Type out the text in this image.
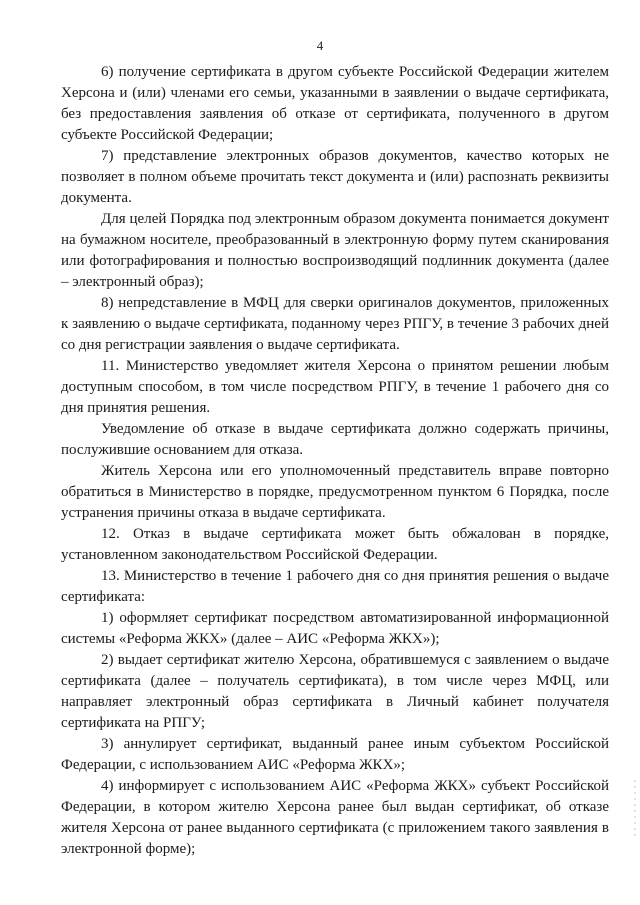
4

6) получение сертификата в другом субъекте Российской Федерации жителем Херсона и (или) членами его семьи, указанными в заявлении о выдаче сертификата, без предоставления заявления об отказе от сертификата, полученного в другом субъекте Российской Федерации;

7) представление электронных образов документов, качество которых не позволяет в полном объеме прочитать текст документа и (или) распознать реквизиты документа.

Для целей Порядка под электронным образом документа понимается документ на бумажном носителе, преобразованный в электронную форму путем сканирования или фотографирования и полностью воспроизводящий подлинник документа (далее – электронный образ);

8) непредставление в МФЦ для сверки оригиналов документов, приложенных к заявлению о выдаче сертификата, поданному через РПГУ, в течение 3 рабочих дней со дня регистрации заявления о выдаче сертификата.

11. Министерство уведомляет жителя Херсона о принятом решении любым доступным способом, в том числе посредством РПГУ, в течение 1 рабочего дня со дня принятия решения.

Уведомление об отказе в выдаче сертификата должно содержать причины, послужившие основанием для отказа.

Житель Херсона или его уполномоченный представитель вправе повторно обратиться в Министерство в порядке, предусмотренном пунктом 6 Порядка, после устранения причины отказа в выдаче сертификата.

12. Отказ в выдаче сертификата может быть обжалован в порядке, установленном законодательством Российской Федерации.

13. Министерство в течение 1 рабочего дня со дня принятия решения о выдаче сертификата:

1) оформляет сертификат посредством автоматизированной информационной системы «Реформа ЖКХ» (далее – АИС «Реформа ЖКХ»);

2) выдает сертификат жителю Херсона, обратившемуся с заявлением о выдаче сертификата (далее – получатель сертификата), в том числе через МФЦ, или направляет электронный образ сертификата в Личный кабинет получателя сертификата на РПГУ;

3) аннулирует сертификат, выданный ранее иным субъектом Российской Федерации, с использованием АИС «Реформа ЖКХ»;

4) информирует с использованием АИС «Реформа ЖКХ» субъект Российской Федерации, в котором жителю Херсона ранее был выдан сертификат, об отказе жителя Херсона от ранее выданного сертификата (с приложением такого заявления в электронной форме);
